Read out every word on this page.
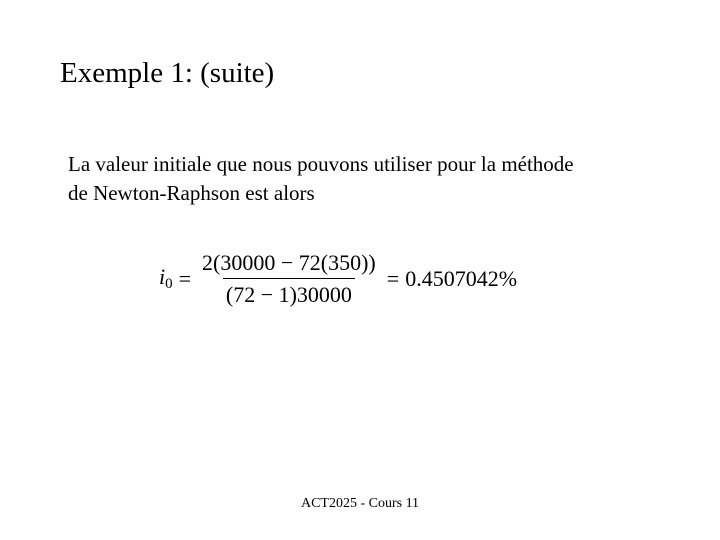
Exemple 1: (suite)
La valeur initiale que nous pouvons utiliser pour la méthode
de Newton-Raphson est alors
$i_0 = \frac{2(30000 - 72(350))}{(72 - 1)30000} = 0.4507042\%$
ACT2025 - Cours 11
